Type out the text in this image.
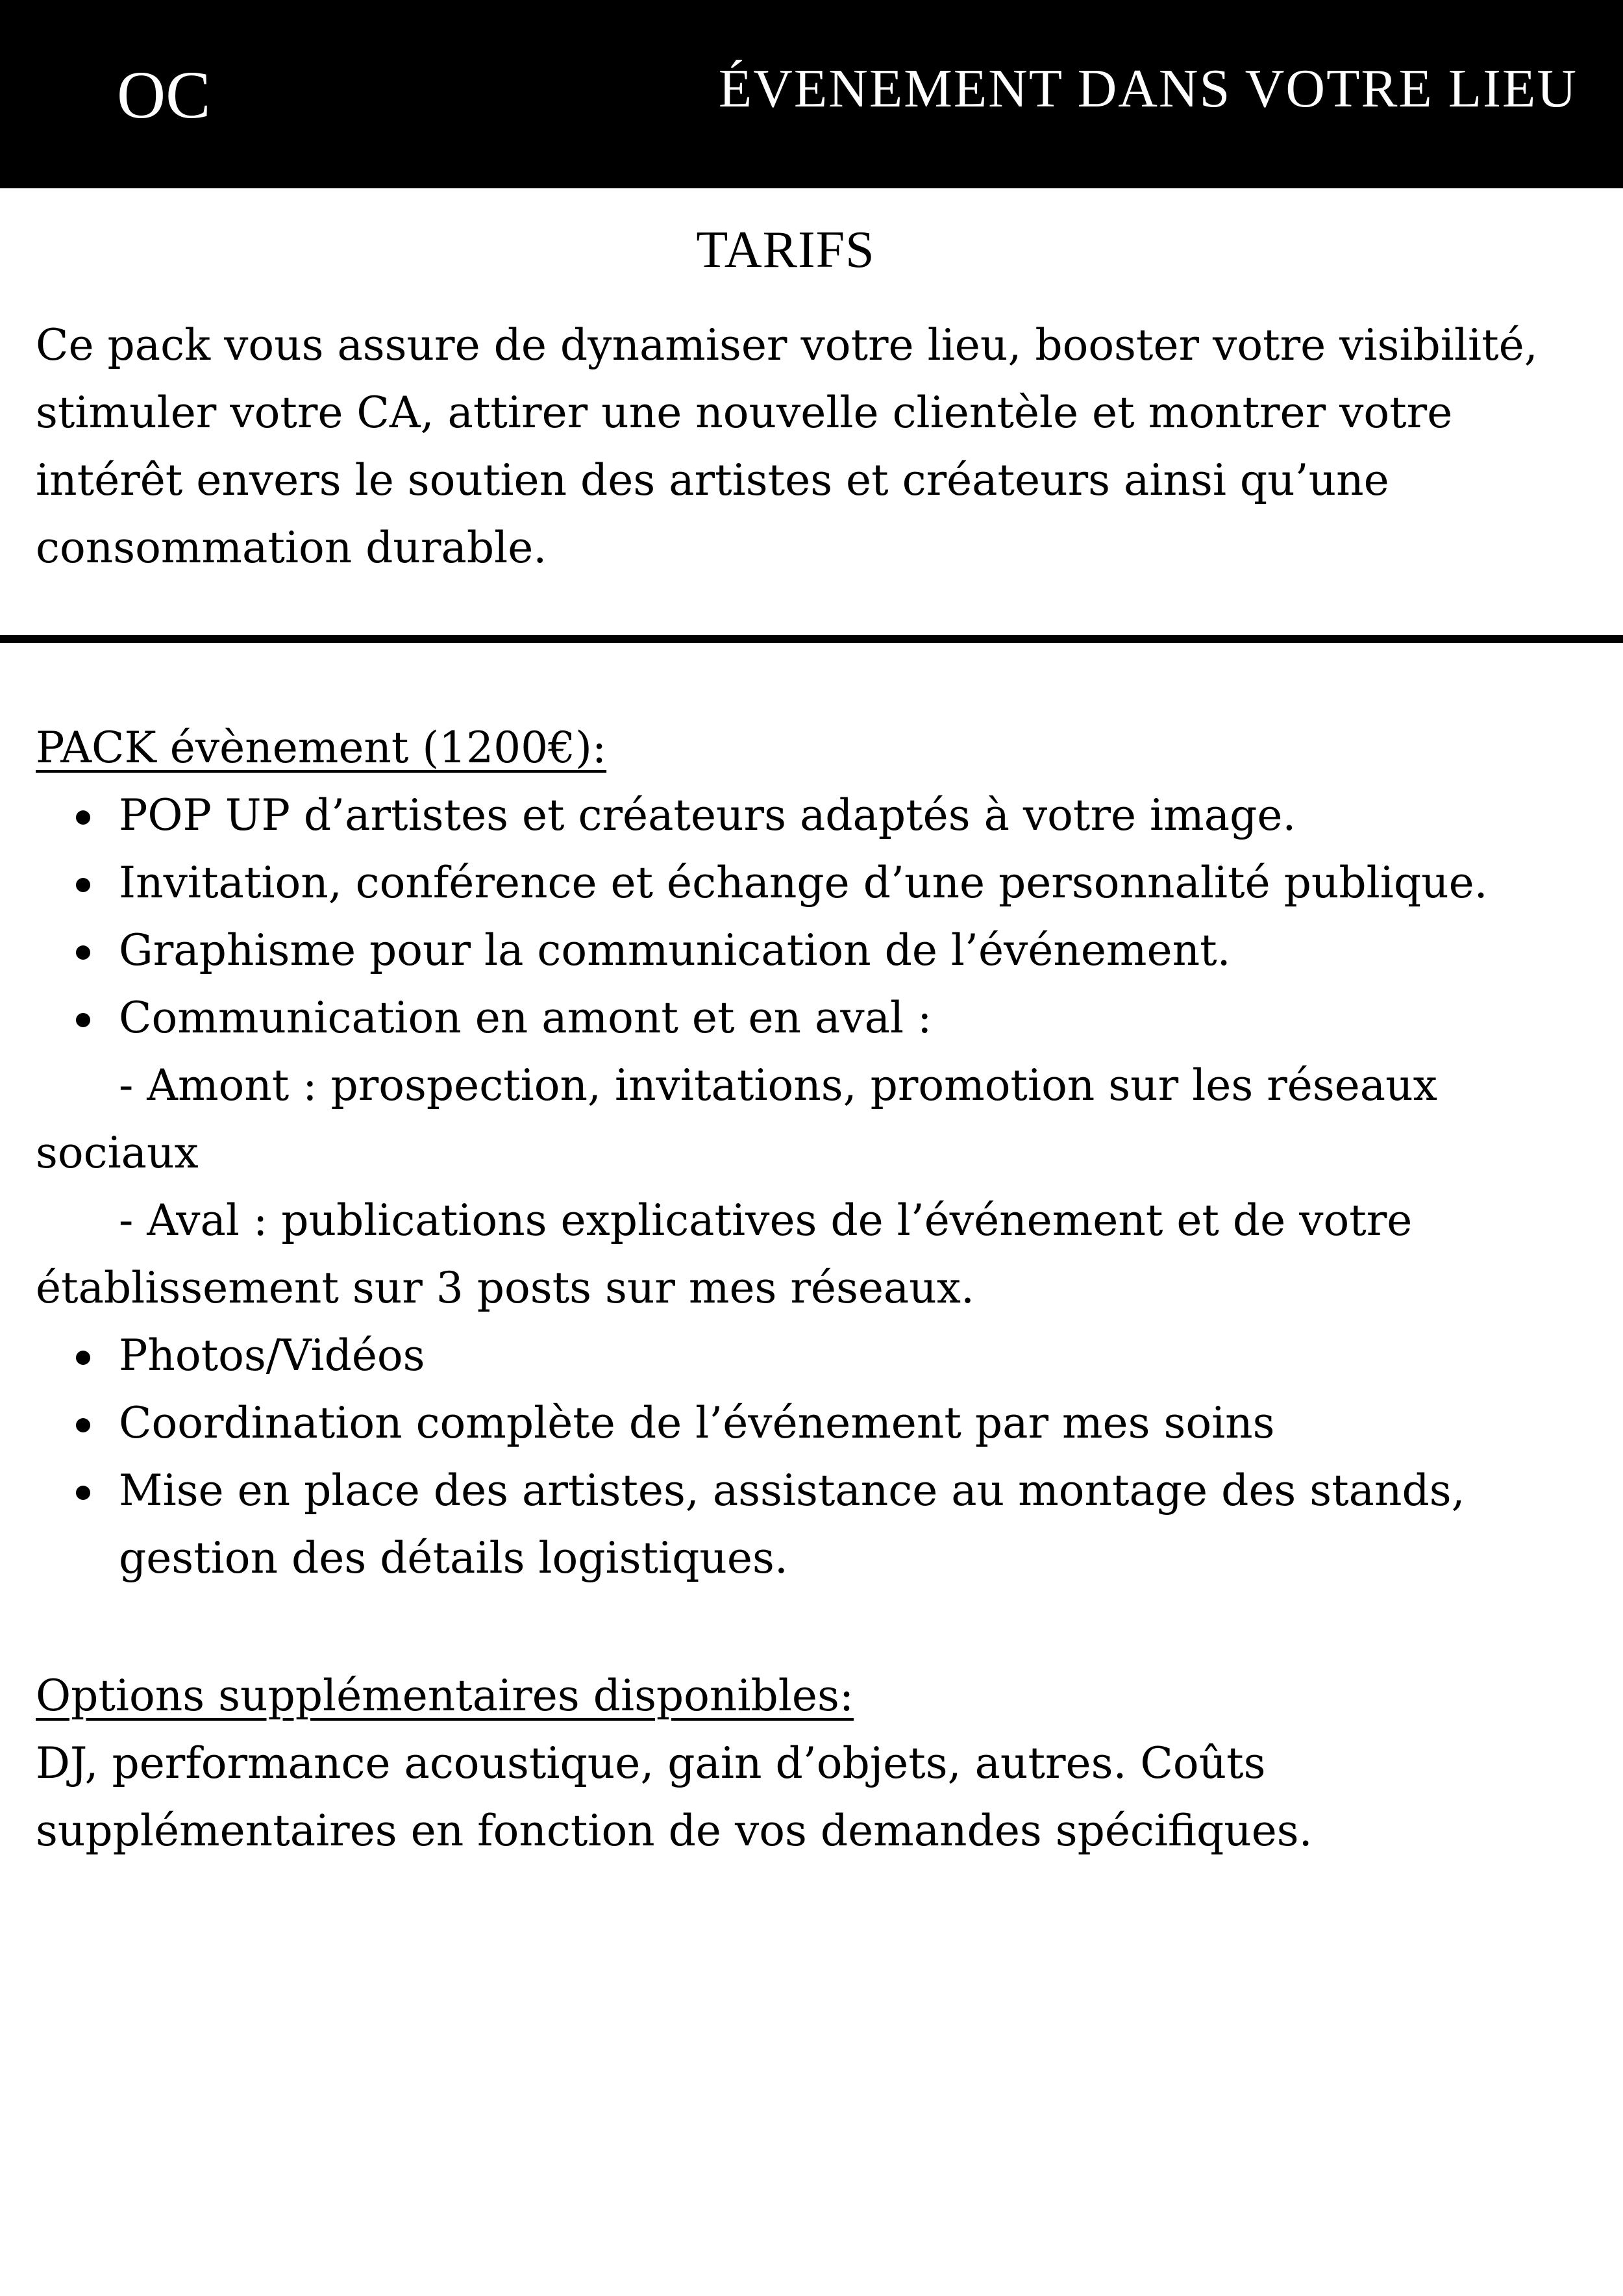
OC	ÉVENEMENT DANS VOTRE LIEU
TARIFS

Ce pack vous assure de dynamiser votre lieu, booster votre visibilité,

stimuler votre CA, attirer une nouvelle clientèle et montrer votre

intérêt envers le soutien des artistes et créateurs ainsi qu’une

consommation durable.

PACK évènement (1200€):

POP UP d’artistes et créateurs adaptés à votre image.
Invitation, conférence et échange d’une personnalité publique.
Graphisme pour la communication de l’événement.
Communication en amont et en aval :

- Amont : prospection, invitations, promotion sur les réseaux

sociaux

- Aval : publications explicatives de l’événement et de votre

établissement sur 3 posts sur mes réseaux.

Photos/Vidéos
Coordination complète de l’événement par mes soins
Mise en place des artistes, assistance au montage des stands,
gestion des détails logistiques.

Options supplémentaires disponibles:

DJ, performance acoustique, gain d’objets, autres. Coûts

supplémentaires en fonction de vos demandes spécifiques.
